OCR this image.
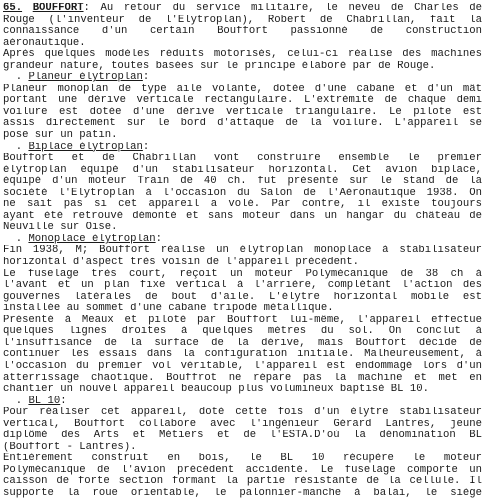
65. BOUFFORT: Au retour du service militaire, le neveu de Charles de
Rouge (l'inventeur de l'Elytroplan), Robert de Chabrillan, fait la
connaissance d'un certain Bouffort passionné de construction
aéronautique.
Après quelques modèles réduits motorisés, celui-ci réalise des machines
grandeur nature, toutes basées sur le principe élaboré par de Rouge.
. Planeur élytroplan:
Planeur monoplan de type aile volante, dotée d'une cabane et d'un mât
portant une dérive verticale rectangulaire. L'extrémité de chaque demi
voilure est dotée d'une dérive verticale triangulaire. Le pilote est
assis directement sur le bord d'attaque de la voilure. L'appareil se
pose sur un patin.
. Biplace élytroplan:
Bouffort et de Chabrillan vont construire ensemble le premier
élytroplan équipé d'un stabilisateur horizontal. Cet avion biplace,
équipé d'un moteur Train de 40 ch. fut présenté sur le stand de la
société l'Elytroplan à l'occasion du Salon de l'Aéronautique 1938. On
ne sait pas si cet appareil a volé. Par contre, il existe toujours
ayant été retrouvé démonté et sans moteur dans un hangar du château de
Neuville sur Oise.
. Monoplace élytroplan:
Fin 1938, M; Bouffort réalise un élytroplan monoplace à stabilisateur
horizontal d'aspect très voisin de l'appareil précédent.
Le fuselage très court, reçoit un moteur Polymécanique de 38 ch à
l'avant et un plan fixe vertical à l'arrière, complétant l'action des
gouvernes latérales de bout d'aile. L'élytre horizontal mobile est
installée au sommet d'une cabane tripode métallique.
Présenté à Meaux et piloté par Bouffort lui-même, l'appareil effectue
quelques lignes droites à quelques mètres du sol. On conclut à
l'insuffisance de la surface de la dérive, mais Bouffort décide de
continuer les essais dans la configuration initiale. Malheureusement, à
l'occasion du premier vol véritable, l'appareil est endommagé lors d'un
atterrissage chaotique. Bouffrot ne répare pas la machine et met en
chantier un nouvel appareil beaucoup plus volumineux baptisé BL 10.
. BL 10:
Pour réaliser cet appareil, doté cette fois d'un élytre stabilisateur
vertical, Bouffort collabore avec l'ingénieur Gérard Lantres, jeune
diplômé des Arts et Métiers et de l'ESTA.D'où la dénomination BL
(Bouffort - Lantres).
Entièrement construit en bois, le BL 10 récupère le moteur
Polymécanique de l'avion précédent accidenté. Le fuselage comporte un
caisson de forte section formant la partie résistante de la cellule. Il
supporte la roue orientable, le palonnier-manche à balai, le siège
